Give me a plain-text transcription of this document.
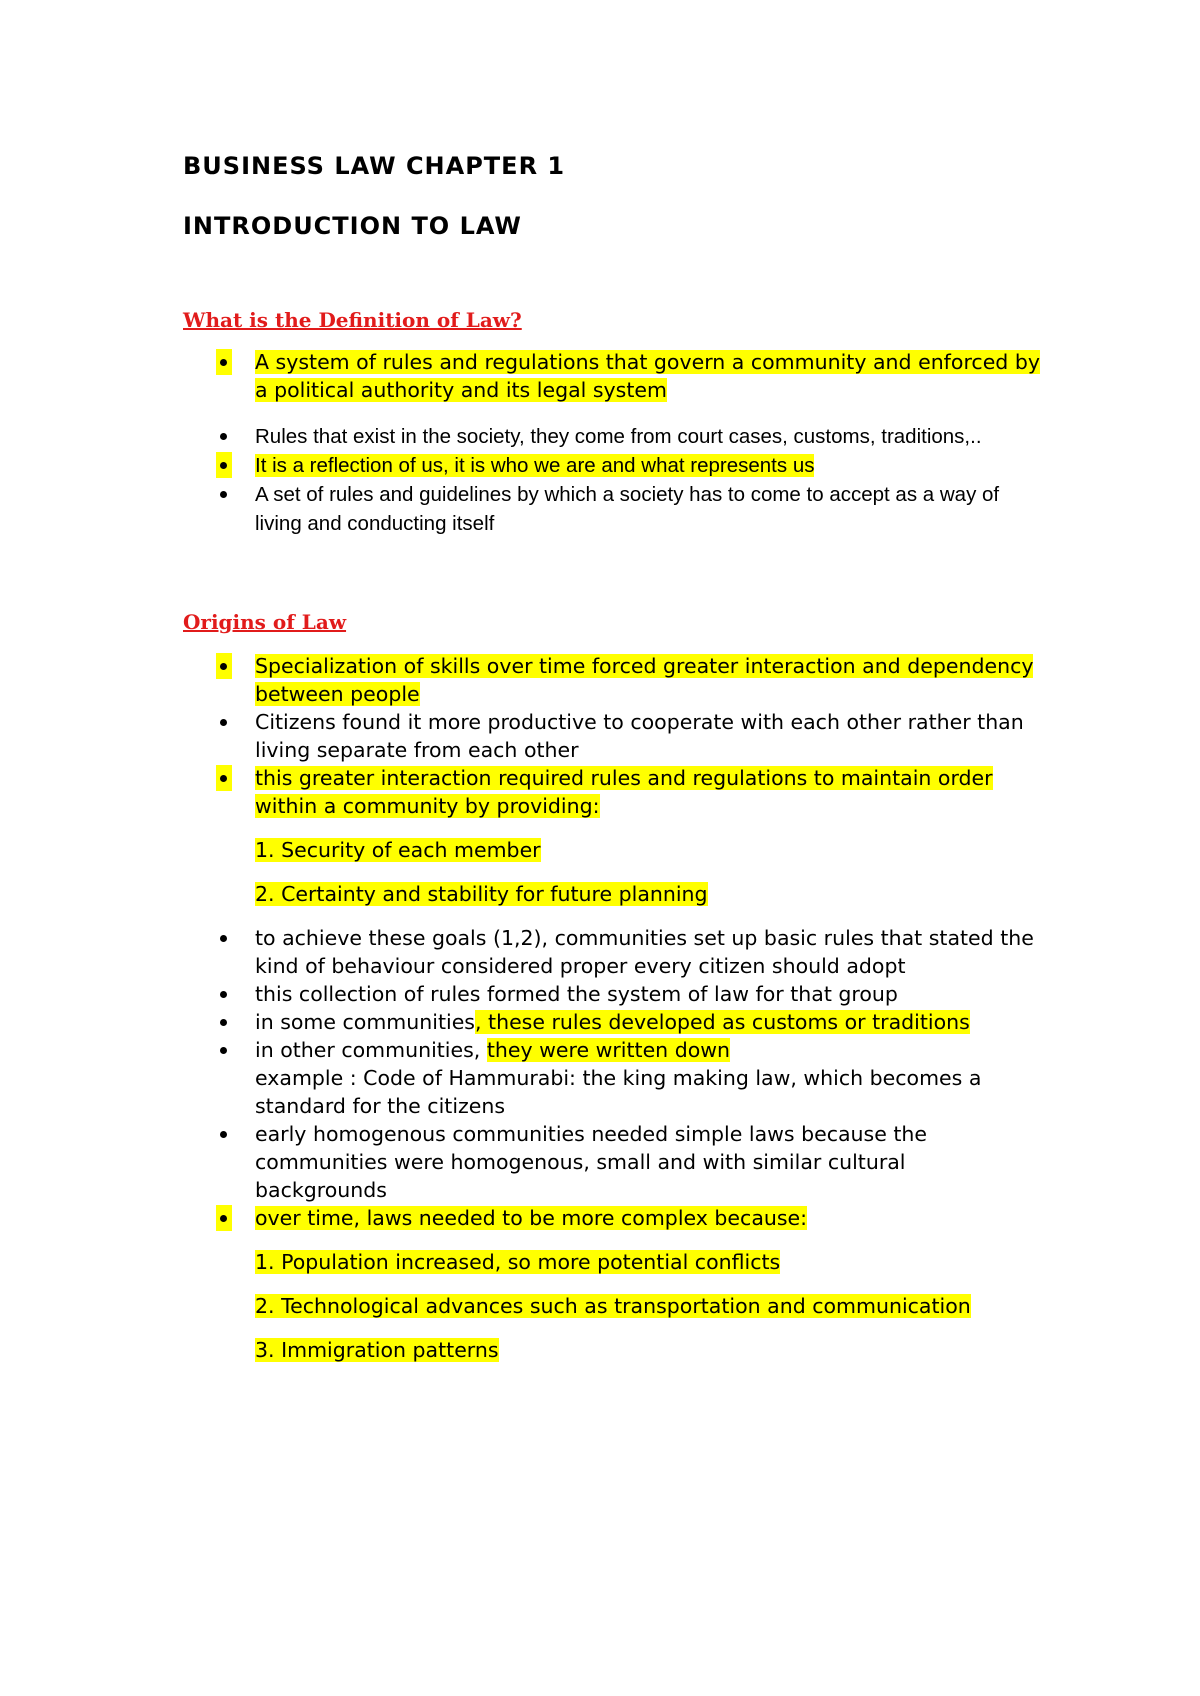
BUSINESS LAW CHAPTER 1

INTRODUCTION TO LAW

What is the Definition of Law?

A system of rules and regulations that govern a community and enforced by a political authority and its legal system
Rules that exist in the society, they come from court cases, customs, traditions,..
It is a reflection of us, it is who we are and what represents us
A set of rules and guidelines by which a society has to come to accept as a way of living and conducting itself

Origins of Law

Specialization of skills over time forced greater interaction and dependency between people
Citizens found it more productive to cooperate with each other rather than living separate from each other
this greater interaction required rules and regulations to maintain order within a community by providing:

1. Security of each member

2. Certainty and stability for future planning

to achieve these goals (1,2), communities set up basic rules that stated the kind of behaviour considered proper every citizen should adopt
this collection of rules formed the system of law for that group
in some communities, these rules developed as customs or traditions
in other communities, they were written down
example : Code of Hammurabi: the king making law, which becomes a standard for the citizens
early homogenous communities needed simple laws because the communities were homogenous, small and with similar cultural backgrounds
over time, laws needed to be more complex because:

1. Population increased, so more potential conflicts

2. Technological advances such as transportation and communication

3. Immigration patterns
